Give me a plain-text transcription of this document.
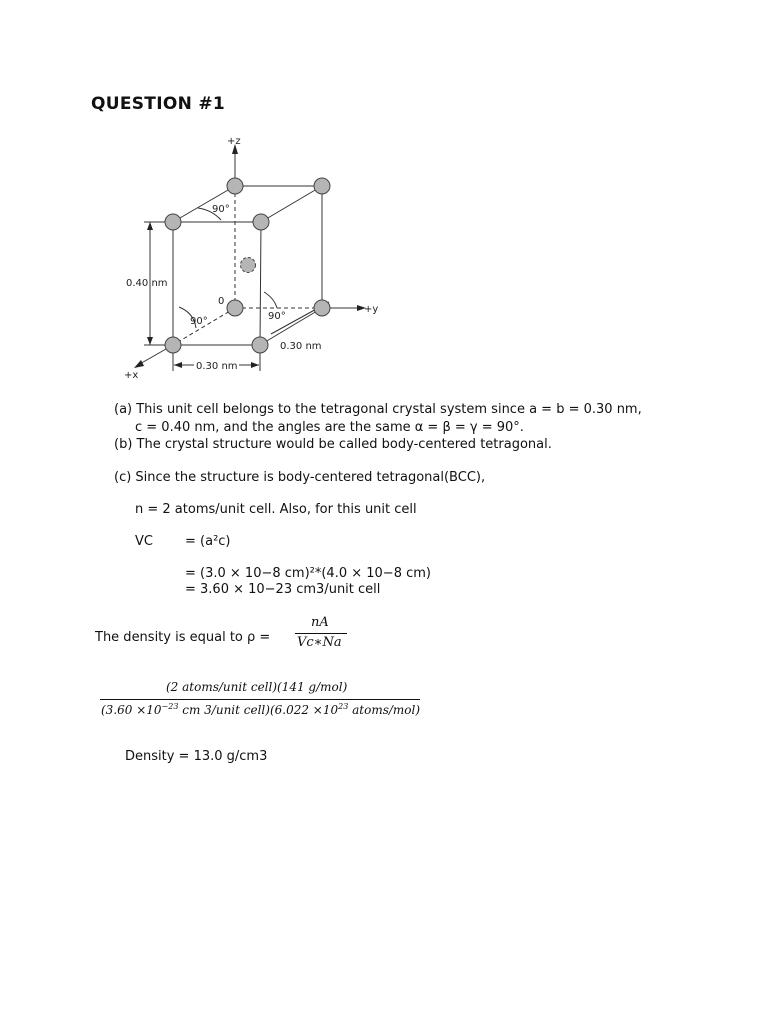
QUESTION #1
+z
+y
+x
0.40 nm
0.30 nm
0.30 nm
90°
90°	90°
0
(a) This unit cell belongs to the tetragonal crystal system since a = b = 0.30 nm,
c = 0.40 nm, and the angles are the same α = β = γ = 90°.
(b) The crystal structure would be called body-centered tetragonal.
(c) Since the structure is body-centered tetragonal(BCC),
n = 2 atoms/unit cell. Also, for this unit cell
VC = (a²c)
= (3.0 × 10−8 cm)²*(4.0 × 10−8 cm)
= 3.60 × 10−23 cm3/unit cell
The density is equal to ρ =
nA
Vc∗Na
(2 atoms/unit cell)(141 g/mol)
($3.60 \times 10^{-23}$ cm 3/unit cell)(6.022 $\times 10^{23}$ atoms/mol)
Density = 13.0 g/cm3
